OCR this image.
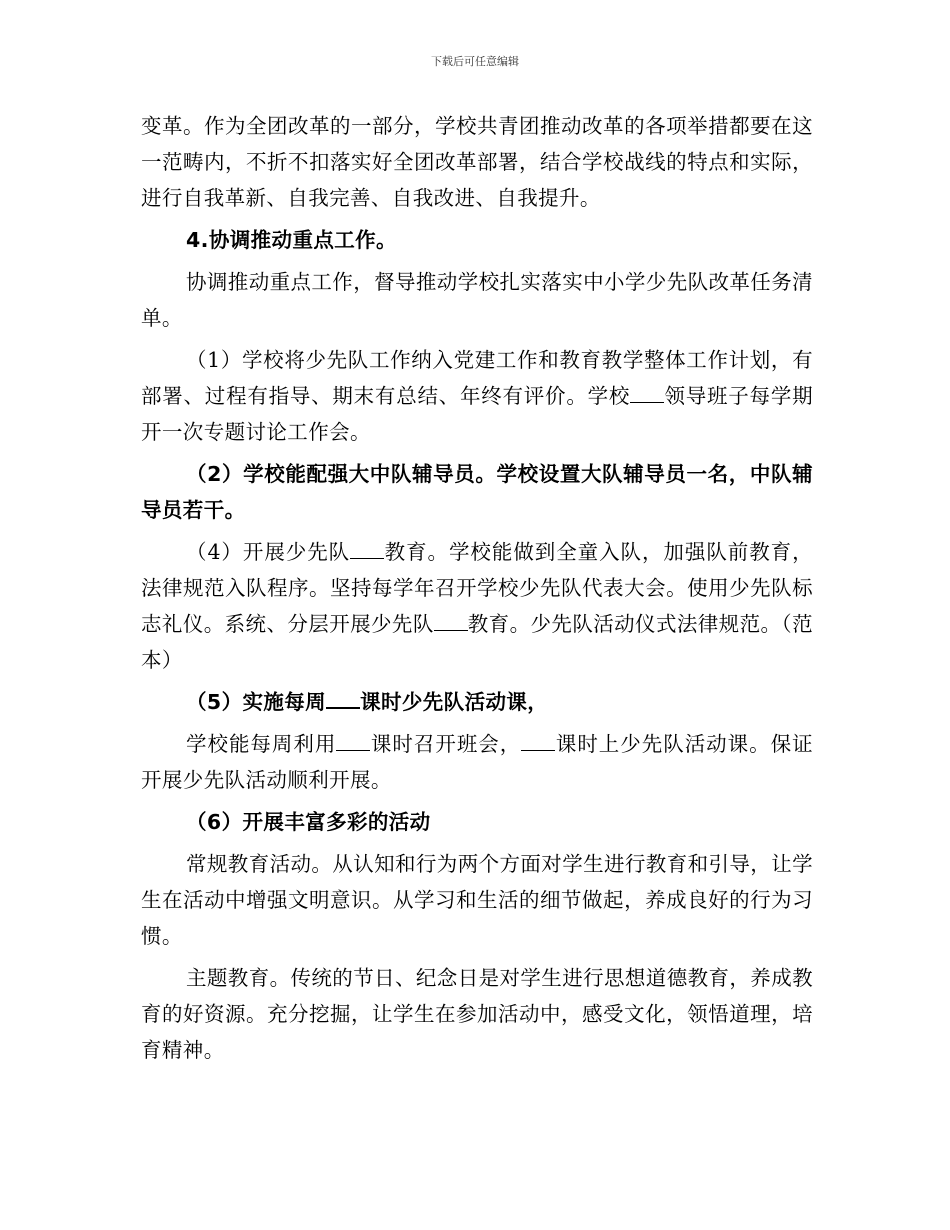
下载后可任意编辑

变革。作为全团改革的一部分，学校共青团推动改革的各项举措都要在这一范畴内，不折不扣落实好全团改革部署，结合学校战线的特点和实际，进行自我革新、自我完善、自我改进、自我提升。

4.协调推动重点工作。

协调推动重点工作，督导推动学校扎实落实中小学少先队改革任务清单。

（1）学校将少先队工作纳入党建工作和教育教学整体工作计划，有部署、过程有指导、期末有总结、年终有评价。学校 领导班子每学期开一次专题讨论工作会。

（2）学校能配强大中队辅导员。学校设置大队辅导员一名，中队辅导员若干。

（4）开展少先队 教育。学校能做到全童入队，加强队前教育，法律规范入队程序。坚持每学年召开学校少先队代表大会。使用少先队标志礼仪。系统、分层开展少先队 教育。少先队活动仪式法律规范。（范本）

（5）实施每周 课时少先队活动课，

学校能每周利用 课时召开班会， 课时上少先队活动课。保证开展少先队活动顺利开展。

（6）开展丰富多彩的活动

常规教育活动。从认知和行为两个方面对学生进行教育和引导，让学生在活动中增强文明意识。从学习和生活的细节做起，养成良好的行为习惯。

主题教育。传统的节日、纪念日是对学生进行思想道德教育，养成教育的好资源。充分挖掘，让学生在参加活动中，感受文化，领悟道理，培育精神。
